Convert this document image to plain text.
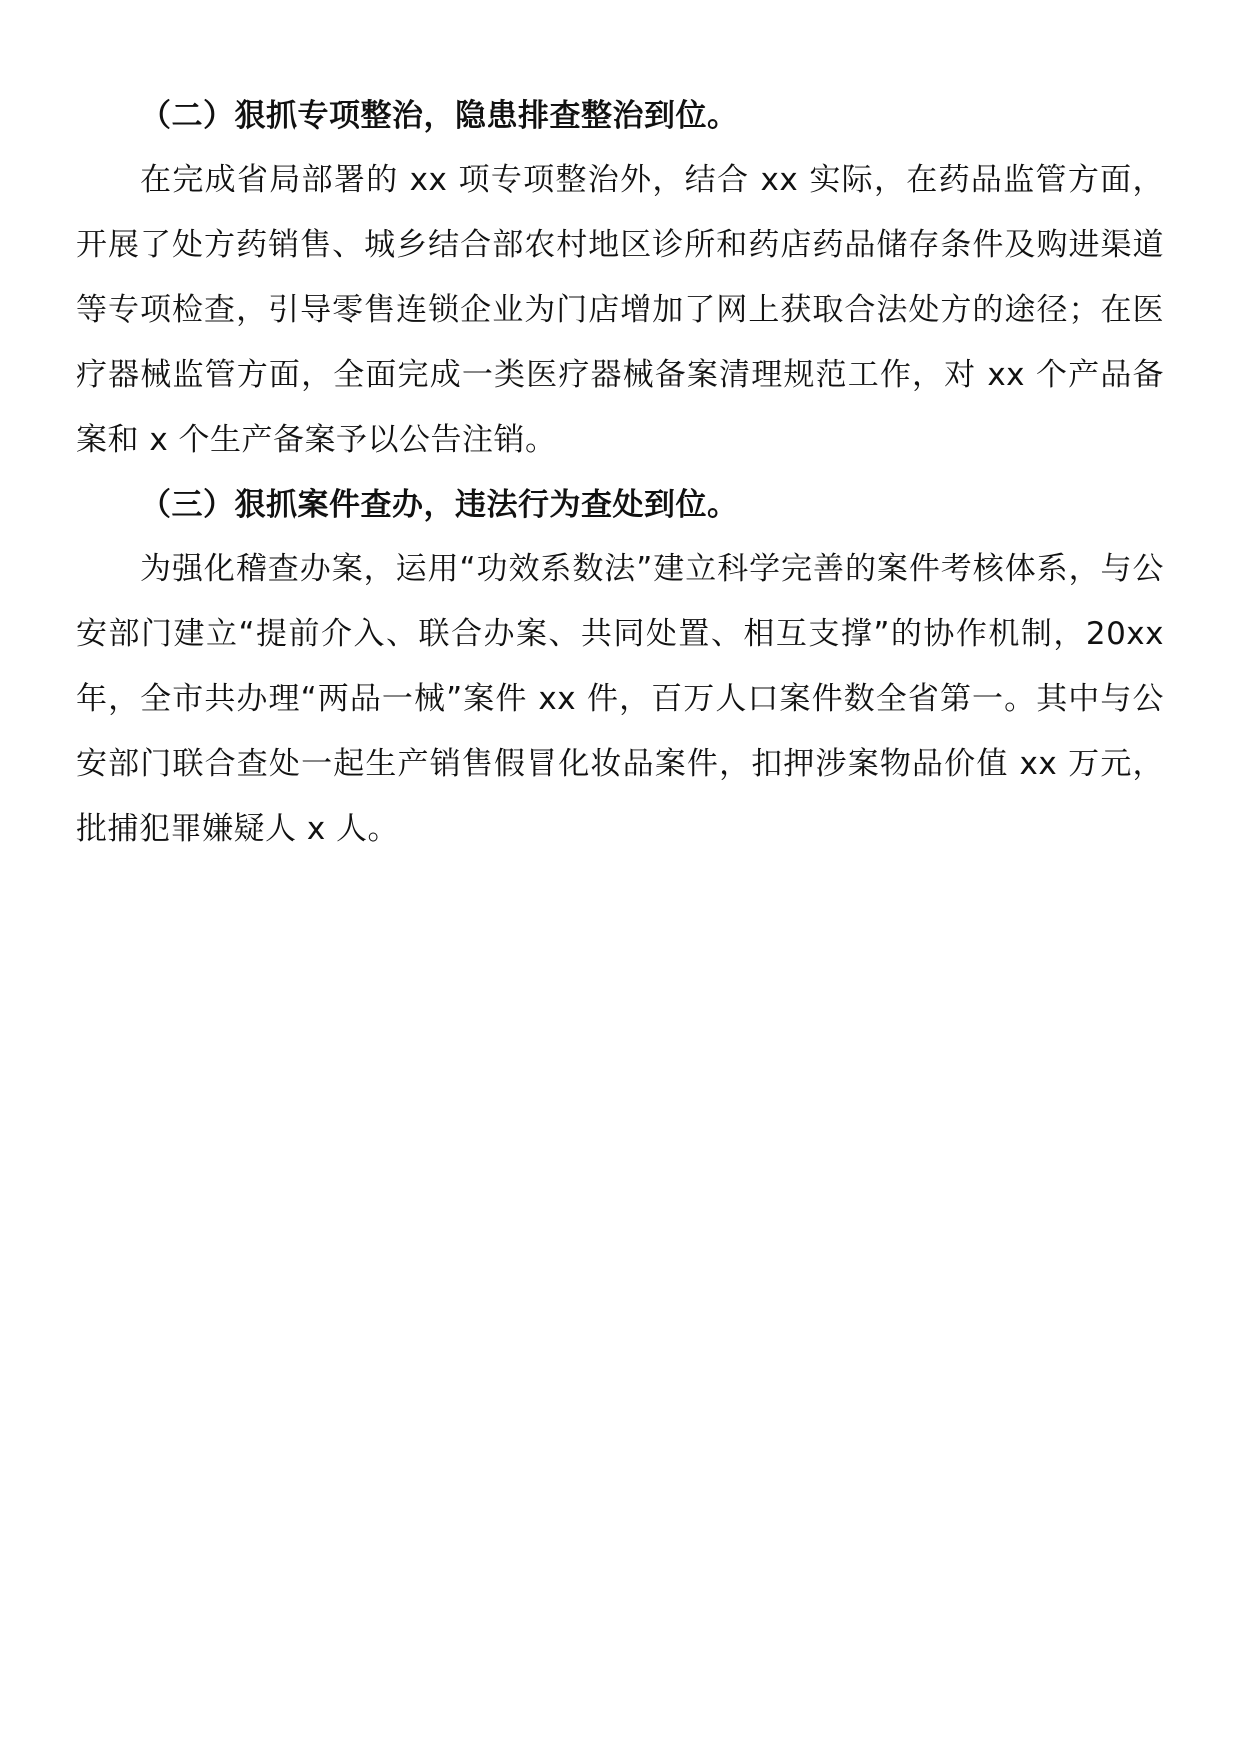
（二）狠抓专项整治，隐患排查整治到位。

在完成省局部署的 xx 项专项整治外，结合 xx 实际，在药品监管方面，开展了处方药销售、城乡结合部农村地区诊所和药店药品储存条件及购进渠道等专项检查，引导零售连锁企业为门店增加了网上获取合法处方的途径；在医疗器械监管方面，全面完成一类医疗器械备案清理规范工作，对 xx 个产品备案和 x 个生产备案予以公告注销。

（三）狠抓案件查办，违法行为查处到位。

为强化稽查办案，运用“功效系数法”建立科学完善的案件考核体系，与公安部门建立“提前介入、联合办案、共同处置、相互支撑”的协作机制，20xx 年，全市共办理“两品一械”案件 xx 件，百万人口案件数全省第一。其中与公安部门联合查处一起生产销售假冒化妆品案件，扣押涉案物品价值 xx 万元，批捕犯罪嫌疑人 x 人。
